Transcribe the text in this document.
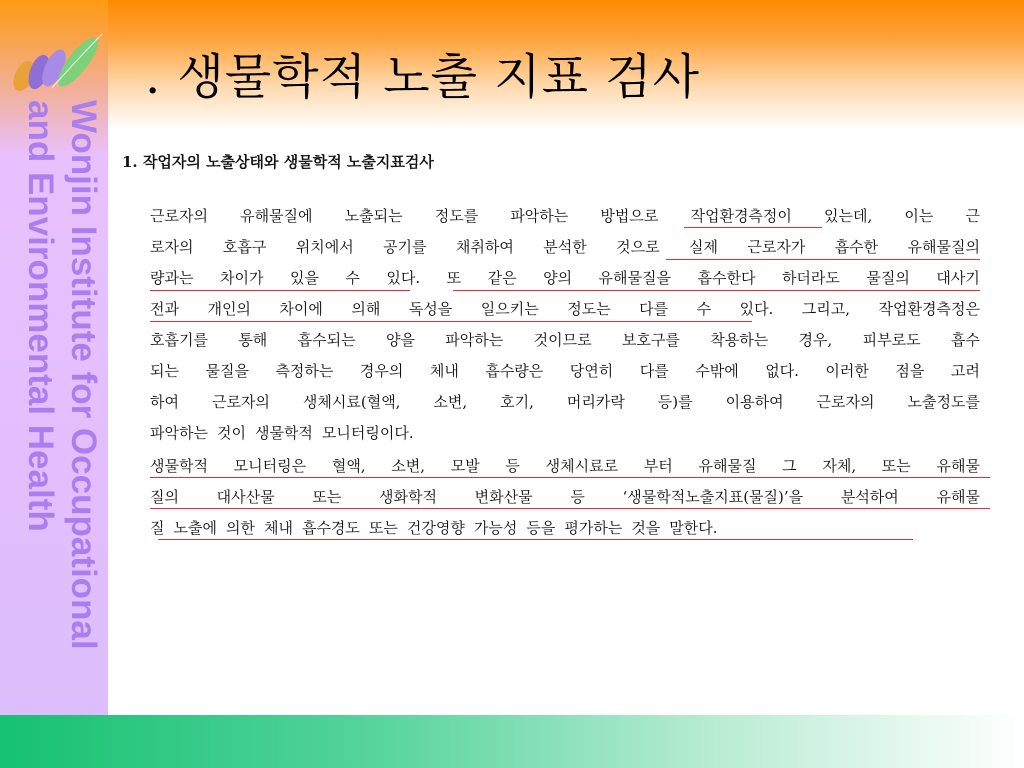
Wonjin Institute for Occupational
and Environmental Health
. 생물학적 노출 지표 검사
1. 작업자의 노출상태와 생물학적 노출지표검사
근로자의 유해물질에 노출되는 정도를 파악하는 방법으로 작업환경측정이 있는데, 이는 근
로자의 호흡구 위치에서 공기를 채취하여 분석한 것으로 실제 근로자가 흡수한 유해물질의
량과는 차이가 있을 수 있다. 또 같은 양의 유해물질을 흡수한다 하더라도 물질의 대사기
전과 개인의 차이에 의해 독성을 일으키는 정도는 다를 수 있다. 그리고, 작업환경측정은
호흡기를 통해 흡수되는 양을 파악하는 것이므로 보호구를 착용하는 경우, 피부로도 흡수
되는 물질을 측정하는 경우의 체내 흡수량은 당연히 다를 수밖에 없다. 이러한 점을 고려
하여 근로자의 생체시료(혈액, 소변, 호기, 머리카락 등)를 이용하여 근로자의 노출정도를
파악하는 것이 생물학적 모니터링이다.
생물학적 모니터링은 혈액, 소변, 모발 등 생체시료로 부터 유해물질 그 자체, 또는 유해물
질의	대사산물	또는	생화학적	변화산물	등	‘생물학적노출지표(물질)’을	분석하여	유해물
질 노출에 의한 체내 흡수경도 또는 건강영향 가능성 등을 평가하는 것을 말한다.
